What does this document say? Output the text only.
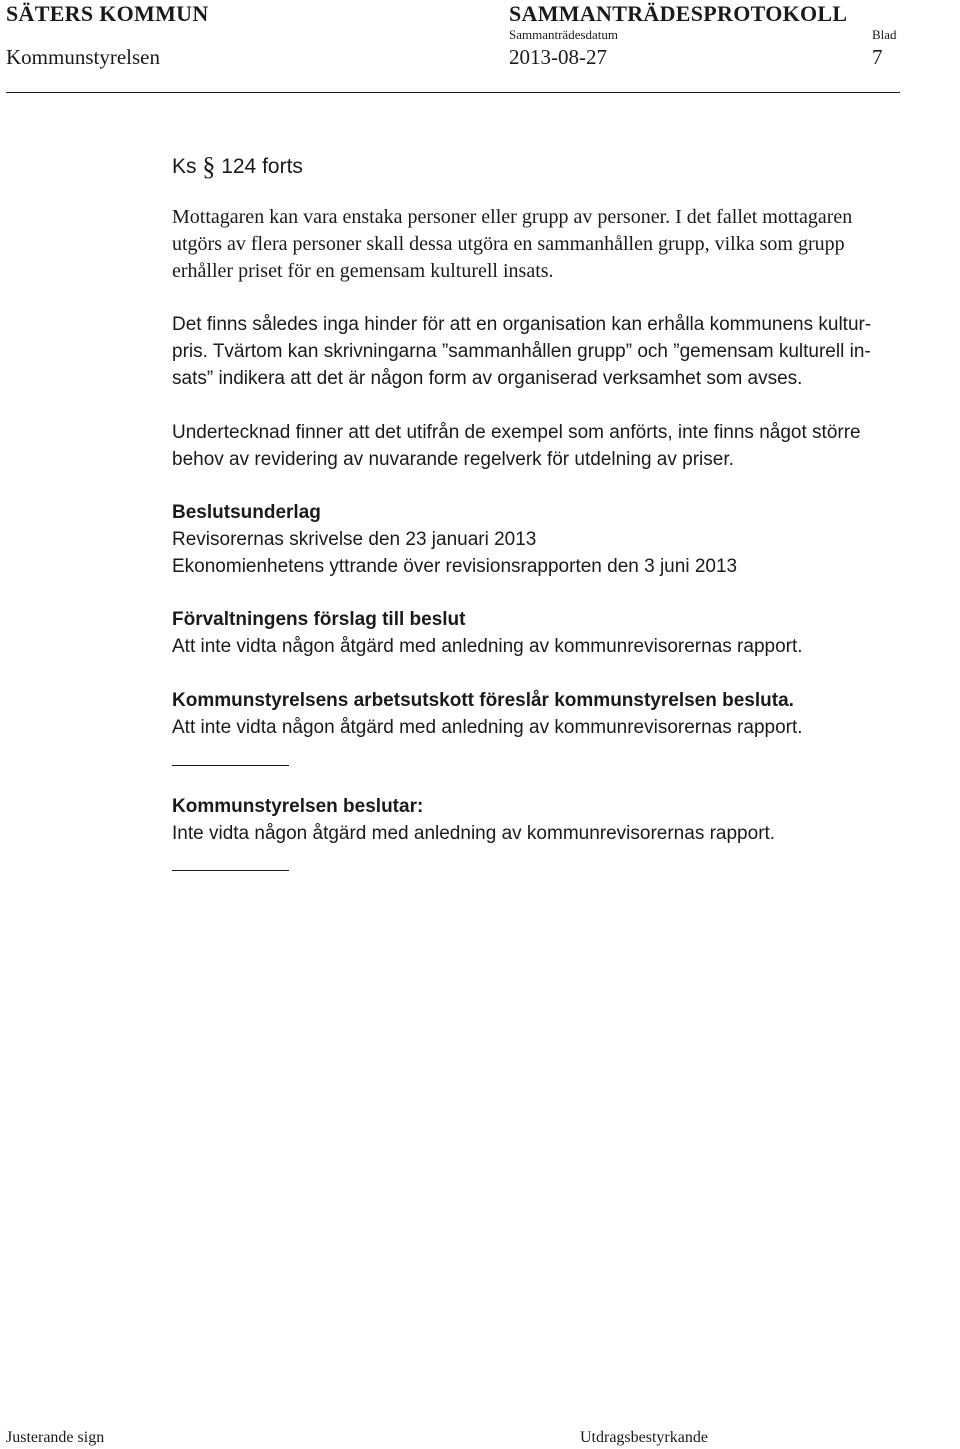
SÄTERS KOMMUN	SAMMANTRÄDESPROTOKOLL
Sammanträdesdatum	Blad
Kommunstyrelsen	2013-08-27	7
Ks § 124 forts
Mottagaren kan vara enstaka personer eller grupp av personer. I det fallet mottagaren
utgörs av flera personer skall dessa utgöra en sammanhållen grupp, vilka som grupp
erhåller priset för en gemensam kulturell insats.
Det finns således inga hinder för att en organisation kan erhålla kommunens kultur-
pris. Tvärtom kan skrivningarna ”sammanhållen grupp” och ”gemensam kulturell in-
sats” indikera att det är någon form av organiserad verksamhet som avses.
Undertecknad finner att det utifrån de exempel som anförts, inte finns något större
behov av revidering av nuvarande regelverk för utdelning av priser.
Beslutsunderlag
Revisorernas skrivelse den 23 januari 2013
Ekonomienhetens yttrande över revisionsrapporten den 3 juni 2013
Förvaltningens förslag till beslut
Att inte vidta någon åtgärd med anledning av kommunrevisorernas rapport.
Kommunstyrelsens arbetsutskott föreslår kommunstyrelsen besluta.
Att inte vidta någon åtgärd med anledning av kommunrevisorernas rapport.
Kommunstyrelsen beslutar:
Inte vidta någon åtgärd med anledning av kommunrevisorernas rapport.
Justerande sign	Utdragsbestyrkande
